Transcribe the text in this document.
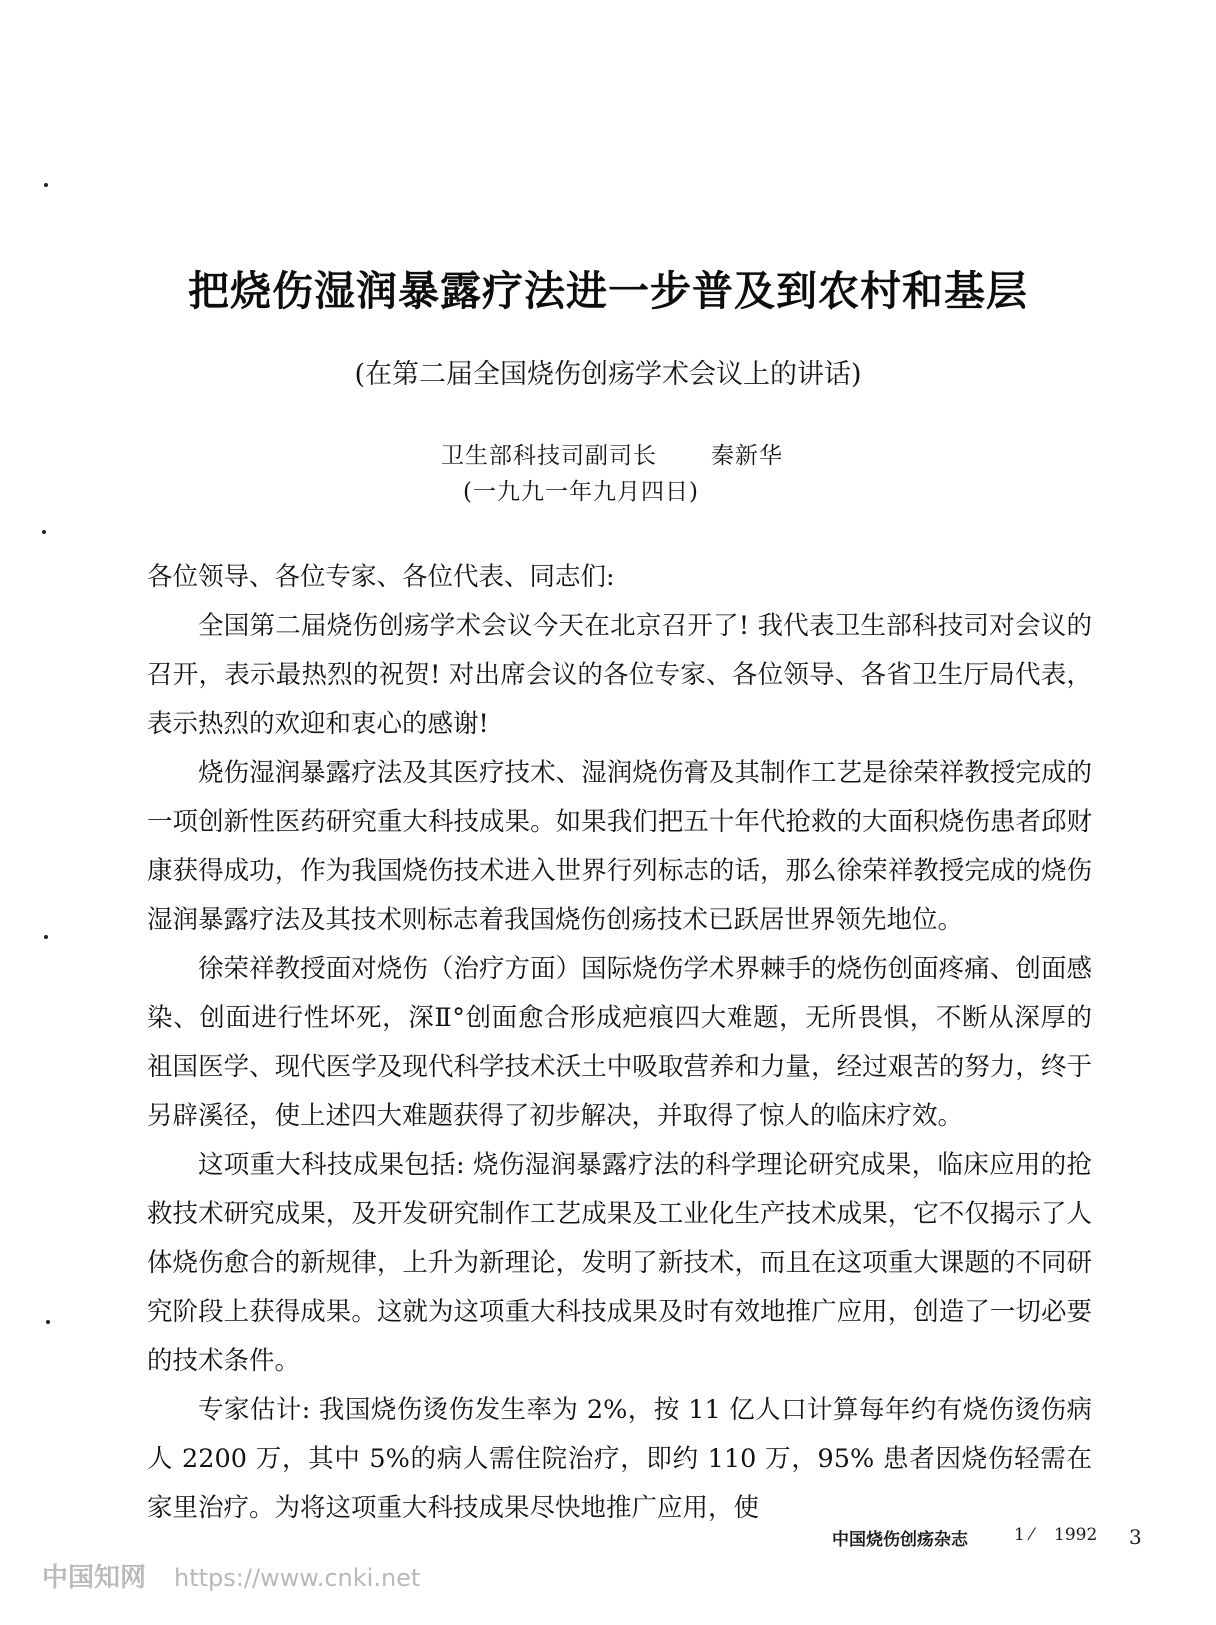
把烧伤湿润暴露疗法进一步普及到农村和基层
(在第二届全国烧伤创疡学术会议上的讲话)
卫生部科技司副司长 秦新华
(一九九一年九月四日)

各位领导、各位专家、各位代表、同志们:

全国第二届烧伤创疡学术会议今天在北京召开了! 我代表卫生部科技司对会议的召开，表示最热烈的祝贺! 对出席会议的各位专家、各位领导、各省卫生厅局代表，表示热烈的欢迎和衷心的感谢!

烧伤湿润暴露疗法及其医疗技术、湿润烧伤膏及其制作工艺是徐荣祥教授完成的一项创新性医药研究重大科技成果。如果我们把五十年代抢救的大面积烧伤患者邱财康获得成功，作为我国烧伤技术进入世界行列标志的话，那么徐荣祥教授完成的烧伤湿润暴露疗法及其技术则标志着我国烧伤创疡技术已跃居世界领先地位。

徐荣祥教授面对烧伤（治疗方面）国际烧伤学术界棘手的烧伤创面疼痛、创面感染、创面进行性坏死，深Ⅱ°创面愈合形成疤痕四大难题，无所畏惧，不断从深厚的祖国医学、现代医学及现代科学技术沃土中吸取营养和力量，经过艰苦的努力，终于另辟溪径，使上述四大难题获得了初步解决，并取得了惊人的临床疗效。

这项重大科技成果包括: 烧伤湿润暴露疗法的科学理论研究成果，临床应用的抢救技术研究成果，及开发研究制作工艺成果及工业化生产技术成果，它不仅揭示了人体烧伤愈合的新规律，上升为新理论，发明了新技术，而且在这项重大课题的不同研究阶段上获得成果。这就为这项重大科技成果及时有效地推广应用，创造了一切必要的技术条件。

专家估计: 我国烧伤烫伤发生率为 2%，按 11 亿人口计算每年约有烧伤烫伤病人 2200 万，其中 5%的病人需住院治疗，即约 110 万，95% 患者因烧伤轻需在家里治疗。为将这项重大科技成果尽快地推广应用，使

中国烧伤创疡杂志	1 ⁄ 1992 3
中国知网 https://www.cnki.net
